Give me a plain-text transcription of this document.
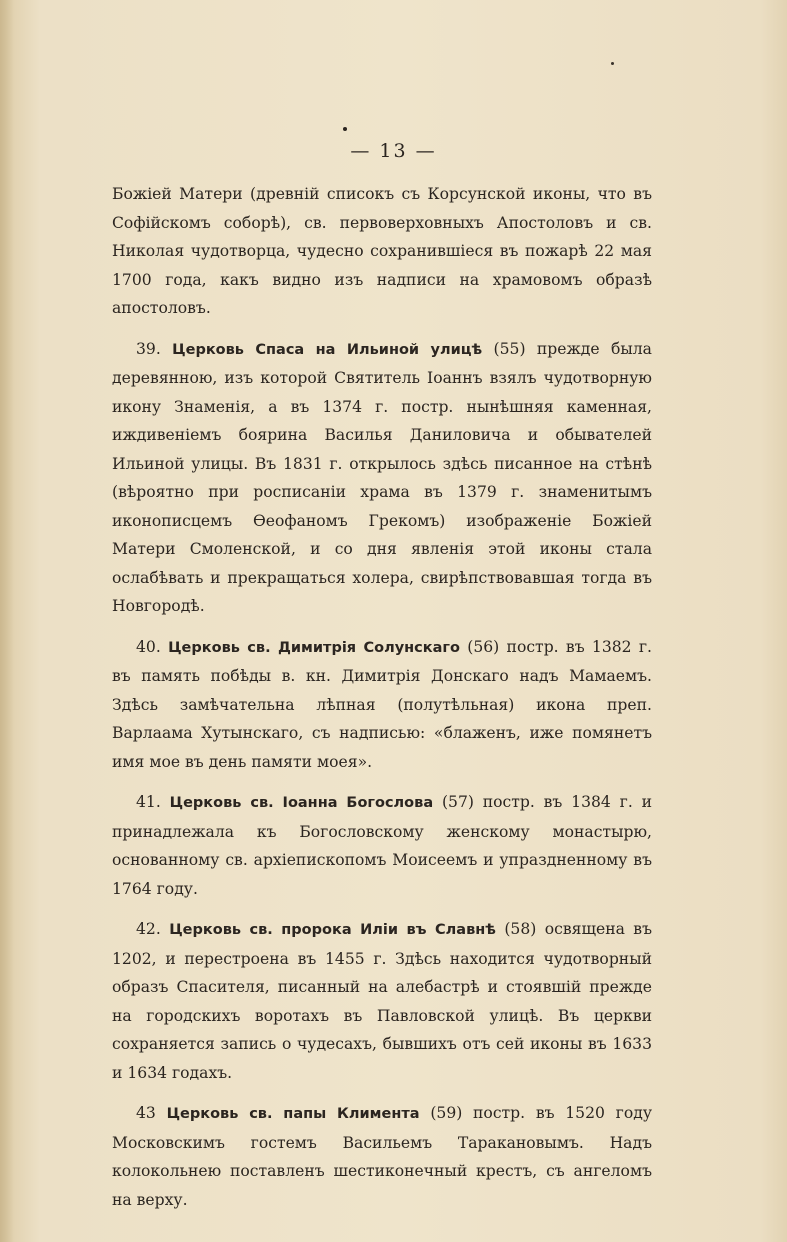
— 13 —

Божіей Матери (древній списокъ съ Корсунской иконы, что въ Софійскомъ соборѣ), св. первоверховныхъ Апостоловъ и св. Николая чудотворца, чудесно сохранившіеся въ пожарѣ 22 мая 1700 года, какъ видно изъ надписи на храмовомъ образѣ апостоловъ.

39. Церковь Спаса на Ильиной улицѣ (55) прежде была деревянною, изъ которой Святитель Іоаннъ взялъ чудотворную икону Знаменія, а въ 1374 г. постр. нынѣшняя каменная, иждивеніемъ боярина Василья Даниловича и обывателей Ильиной улицы. Въ 1831 г. открылось здѣсь писанное на стѣнѣ (вѣроятно при росписаніи храма въ 1379 г. знаменитымъ иконописцемъ Ѳеофаномъ Грекомъ) изображеніе Божіей Матери Смоленской, и со дня явленія этой иконы стала ослабѣвать и прекращаться холера, свирѣпствовавшая тогда въ Новгородѣ.

40. Церковь св. Димитрія Солунскаго (56) постр. въ 1382 г. въ память побѣды в. кн. Димитрія Донскаго надъ Мамаемъ. Здѣсь замѣчательна лѣпная (полутѣльная) икона преп. Варлаама Хутынскаго, съ надписью: «блаженъ, иже помянетъ имя мое въ день памяти моея».

41. Церковь св. Іоанна Богослова (57) постр. въ 1384 г. и принадлежала къ Богословскому женскому монастырю, основанному св. архіепископомъ Моисеемъ и упраздненному въ 1764 году.

42. Церковь св. пророка Иліи въ Славнѣ (58) освящена въ 1202, и перестроена въ 1455 г. Здѣсь находится чудотворный образъ Спасителя, писанный на алебастрѣ и стоявшій прежде на городскихъ воротахъ въ Павловской улицѣ. Въ церкви сохраняется запись о чудесахъ, бывшихъ отъ сей иконы въ 1633 и 1634 годахъ.

43 Церковь св. папы Климента (59) постр. въ 1520 году Московскимъ гостемъ Васильемъ Таракановымъ. Надъ колокольнею поставленъ шестиконечный крестъ, съ ангеломъ на верху.
